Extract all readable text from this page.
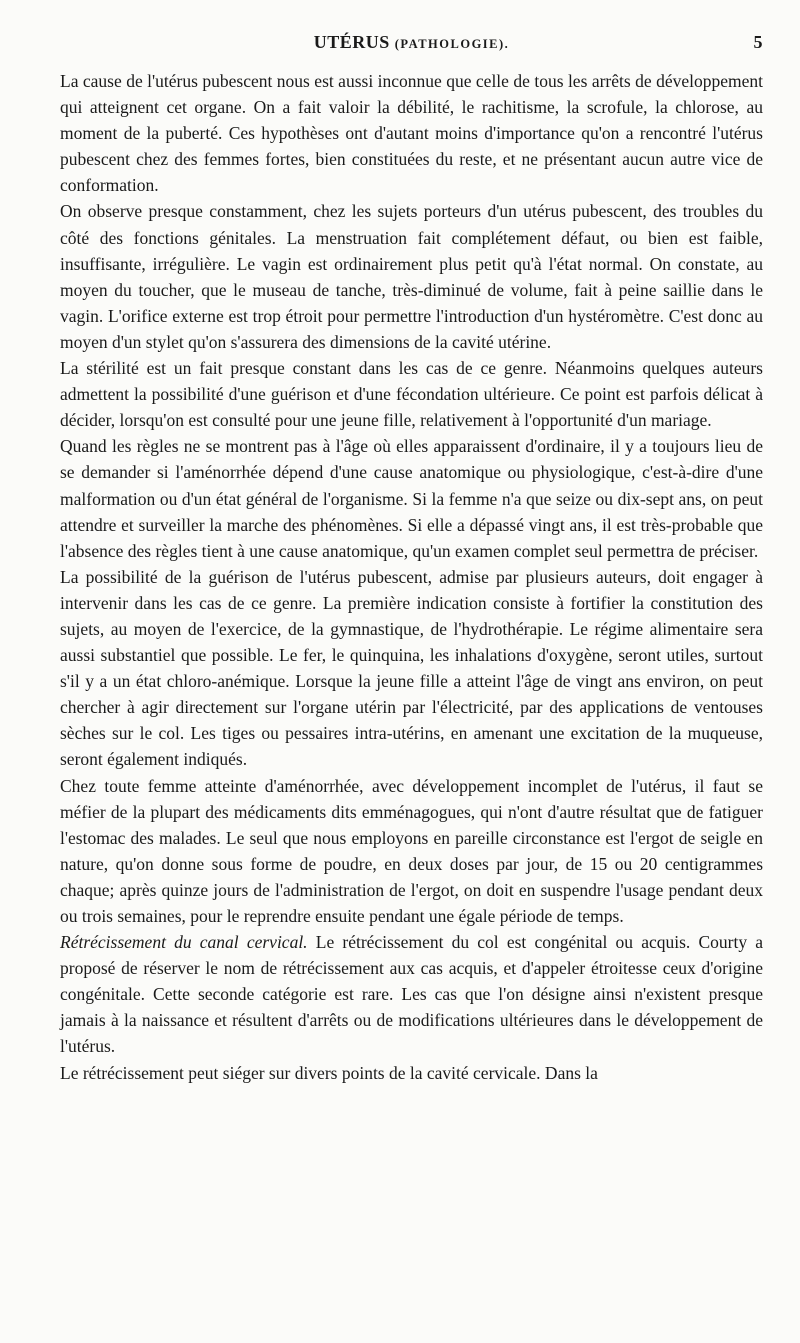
UTÉRUS (PATHOLOGIE).	5

La cause de l'utérus pubescent nous est aussi inconnue que celle de tous les arrêts de développement qui atteignent cet organe. On a fait valoir la débilité, le rachitisme, la scrofule, la chlorose, au moment de la puberté. Ces hypothèses ont d'autant moins d'importance qu'on a rencontré l'utérus pubescent chez des femmes fortes, bien constituées du reste, et ne présentant aucun autre vice de conformation.

On observe presque constamment, chez les sujets porteurs d'un utérus pubescent, des troubles du côté des fonctions génitales. La menstruation fait complétement défaut, ou bien est faible, insuffisante, irrégulière. Le vagin est ordinairement plus petit qu'à l'état normal. On constate, au moyen du toucher, que le museau de tanche, très-diminué de volume, fait à peine saillie dans le vagin. L'orifice externe est trop étroit pour permettre l'introduction d'un hystéromètre. C'est donc au moyen d'un stylet qu'on s'assurera des dimensions de la cavité utérine.

La stérilité est un fait presque constant dans les cas de ce genre. Néanmoins quelques auteurs admettent la possibilité d'une guérison et d'une fécondation ultérieure. Ce point est parfois délicat à décider, lorsqu'on est consulté pour une jeune fille, relativement à l'opportunité d'un mariage.

Quand les règles ne se montrent pas à l'âge où elles apparaissent d'ordinaire, il y a toujours lieu de se demander si l'aménorrhée dépend d'une cause anatomique ou physiologique, c'est-à-dire d'une malformation ou d'un état général de l'organisme. Si la femme n'a que seize ou dix-sept ans, on peut attendre et surveiller la marche des phénomènes. Si elle a dépassé vingt ans, il est très-probable que l'absence des règles tient à une cause anatomique, qu'un examen complet seul permettra de préciser.

La possibilité de la guérison de l'utérus pubescent, admise par plusieurs auteurs, doit engager à intervenir dans les cas de ce genre. La première indication consiste à fortifier la constitution des sujets, au moyen de l'exercice, de la gymnastique, de l'hydrothérapie. Le régime alimentaire sera aussi substantiel que possible. Le fer, le quinquina, les inhalations d'oxygène, seront utiles, surtout s'il y a un état chloro-anémique. Lorsque la jeune fille a atteint l'âge de vingt ans environ, on peut chercher à agir directement sur l'organe utérin par l'électricité, par des applications de ventouses sèches sur le col. Les tiges ou pessaires intra-utérins, en amenant une excitation de la muqueuse, seront également indiqués.

Chez toute femme atteinte d'aménorrhée, avec développement incomplet de l'utérus, il faut se méfier de la plupart des médicaments dits emménagogues, qui n'ont d'autre résultat que de fatiguer l'estomac des malades. Le seul que nous employons en pareille circonstance est l'ergot de seigle en nature, qu'on donne sous forme de poudre, en deux doses par jour, de 15 ou 20 centigrammes chaque; après quinze jours de l'administration de l'ergot, on doit en suspendre l'usage pendant deux ou trois semaines, pour le reprendre ensuite pendant une égale période de temps.

Rétrécissement du canal cervical. Le rétrécissement du col est congénital ou acquis. Courty a proposé de réserver le nom de rétrécissement aux cas acquis, et d'appeler étroitesse ceux d'origine congénitale. Cette seconde catégorie est rare. Les cas que l'on désigne ainsi n'existent presque jamais à la naissance et résultent d'arrêts ou de modifications ultérieures dans le développement de l'utérus.

Le rétrécissement peut siéger sur divers points de la cavité cervicale. Dans la
